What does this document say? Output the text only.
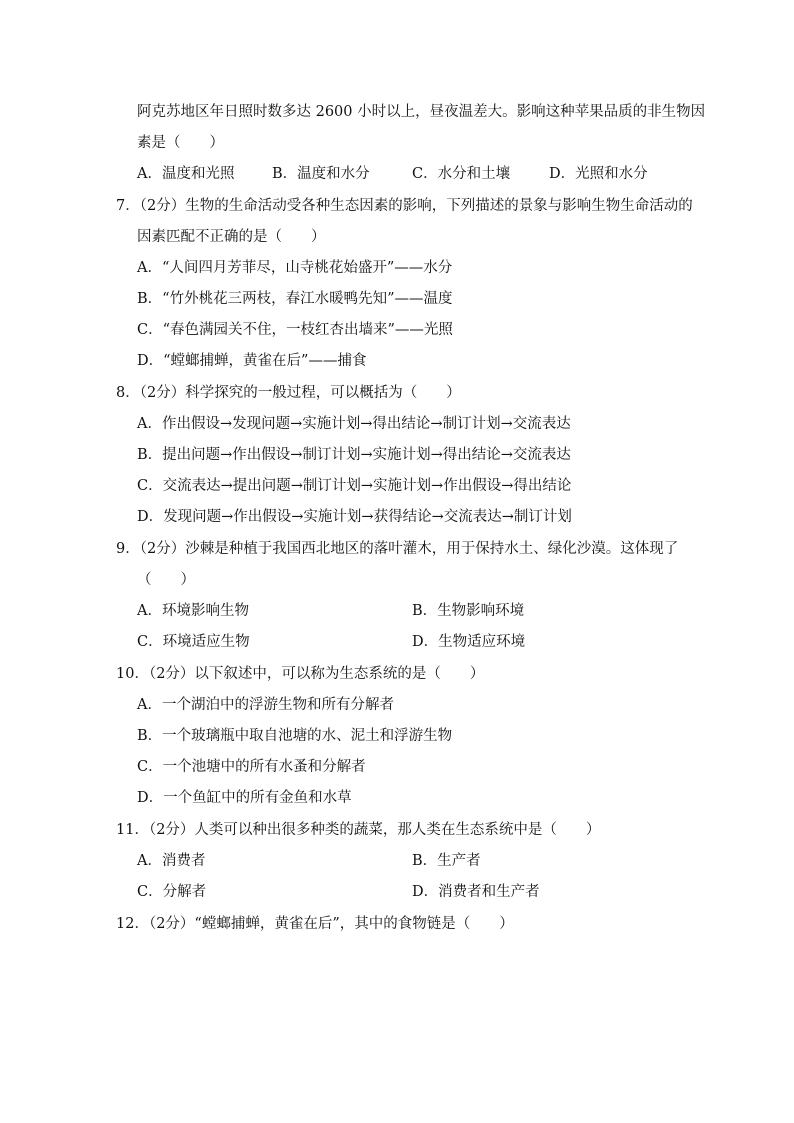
阿克苏地区年日照时数多达 2600 小时以上，昼夜温差大。影响这种苹果品质的非生物因
素是（　　）
A．温度和光照	B．温度和水分	C．水分和土壤	D．光照和水分
7．（2分）生物的生命活动受各种生态因素的影响，下列描述的景象与影响生物生命活动的
因素匹配不正确的是（　　）
A．“人间四月芳菲尽，山寺桃花始盛开”——水分
B．“竹外桃花三两枝，春江水暖鸭先知”——温度
C．“春色满园关不住，一枝红杏出墙来”——光照
D．“螳螂捕蝉，黄雀在后”——捕食
8．（2分）科学探究的一般过程，可以概括为（　　）
A．作出假设→发现问题→实施计划→得出结论→制订计划→交流表达
B．提出问题→作出假设→制订计划→实施计划→得出结论→交流表达
C．交流表达→提出问题→制订计划→实施计划→作出假设→得出结论
D．发现问题→作出假设→实施计划→获得结论→交流表达→制订计划
9．（2分）沙棘是种植于我国西北地区的落叶灌木，用于保持水土、绿化沙漠。这体现了
（　　）
A．环境影响生物	B．生物影响环境
C．环境适应生物	D．生物适应环境
10．（2分）以下叙述中，可以称为生态系统的是（　　）
A．一个湖泊中的浮游生物和所有分解者
B．一个玻璃瓶中取自池塘的水、泥土和浮游生物
C．一个池塘中的所有水蚤和分解者
D．一个鱼缸中的所有金鱼和水草
11．（2分）人类可以种出很多种类的蔬菜，那人类在生态系统中是（　　）
A．消费者	B．生产者
C．分解者	D．消费者和生产者
12．（2分）“螳螂捕蝉，黄雀在后”，其中的食物链是（　　）
